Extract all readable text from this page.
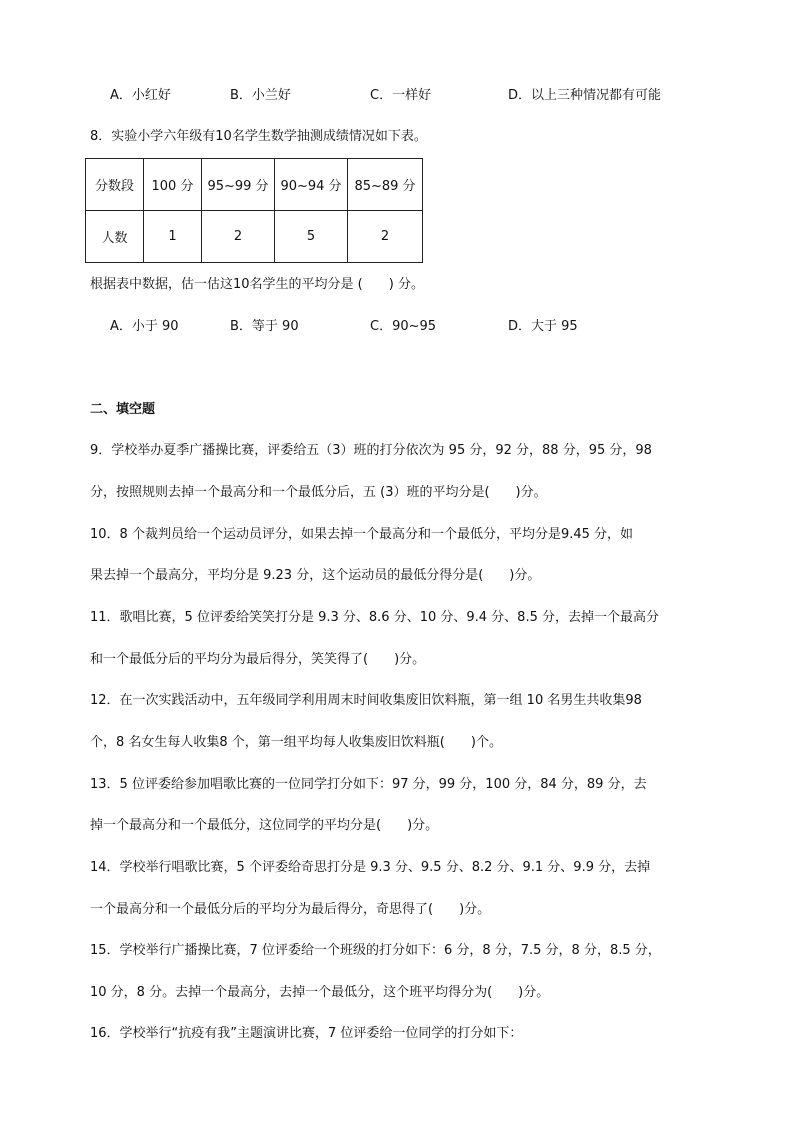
A．小红好	B．小兰好	C．一样好	D．以上三种情况都有可能
8．实验小学六年级有10名学生数学抽测成绩情况如下表。
分数段	100 分	95~99 分	90~94 分	85~89 分
人数	1	2	5	2
根据表中数据，估一估这10名学生的平均分是 (　　) 分。
A．小于 90	B．等于 90	C．90~95	D．大于 95
二、填空题
9．学校举办夏季广播操比赛，评委给五（3）班的打分依次为 95 分，92 分，88 分，95 分，98
分，按照规则去掉一个最高分和一个最低分后，五 (3）班的平均分是(　　)分。
10．8 个裁判员给一个运动员评分，如果去掉一个最高分和一个最低分，平均分是9.45 分，如
果去掉一个最高分，平均分是 9.23 分，这个运动员的最低分得分是(　　)分。
11．歌唱比赛，5 位评委给笑笑打分是 9.3 分、8.6 分、10 分、9.4 分、8.5 分，去掉一个最高分
和一个最低分后的平均分为最后得分，笑笑得了(　　)分。
12．在一次实践活动中，五年级同学利用周末时间收集废旧饮料瓶，第一组 10 名男生共收集98
个，8 名女生每人收集8 个，第一组平均每人收集废旧饮料瓶(　　)个。
13．5 位评委给参加唱歌比赛的一位同学打分如下：97 分，99 分，100 分，84 分，89 分，去
掉一个最高分和一个最低分，这位同学的平均分是(　　)分。
14．学校举行唱歌比赛，5 个评委给奇思打分是 9.3 分、9.5 分、8.2 分、9.1 分、9.9 分，去掉
一个最高分和一个最低分后的平均分为最后得分，奇思得了(　　)分。
15．学校举行广播操比赛，7 位评委给一个班级的打分如下：6 分，8 分，7.5 分，8 分，8.5 分，
10 分，8 分。去掉一个最高分，去掉一个最低分，这个班平均得分为(　　)分。
16．学校举行“抗疫有我”主题演讲比赛，7 位评委给一位同学的打分如下：
